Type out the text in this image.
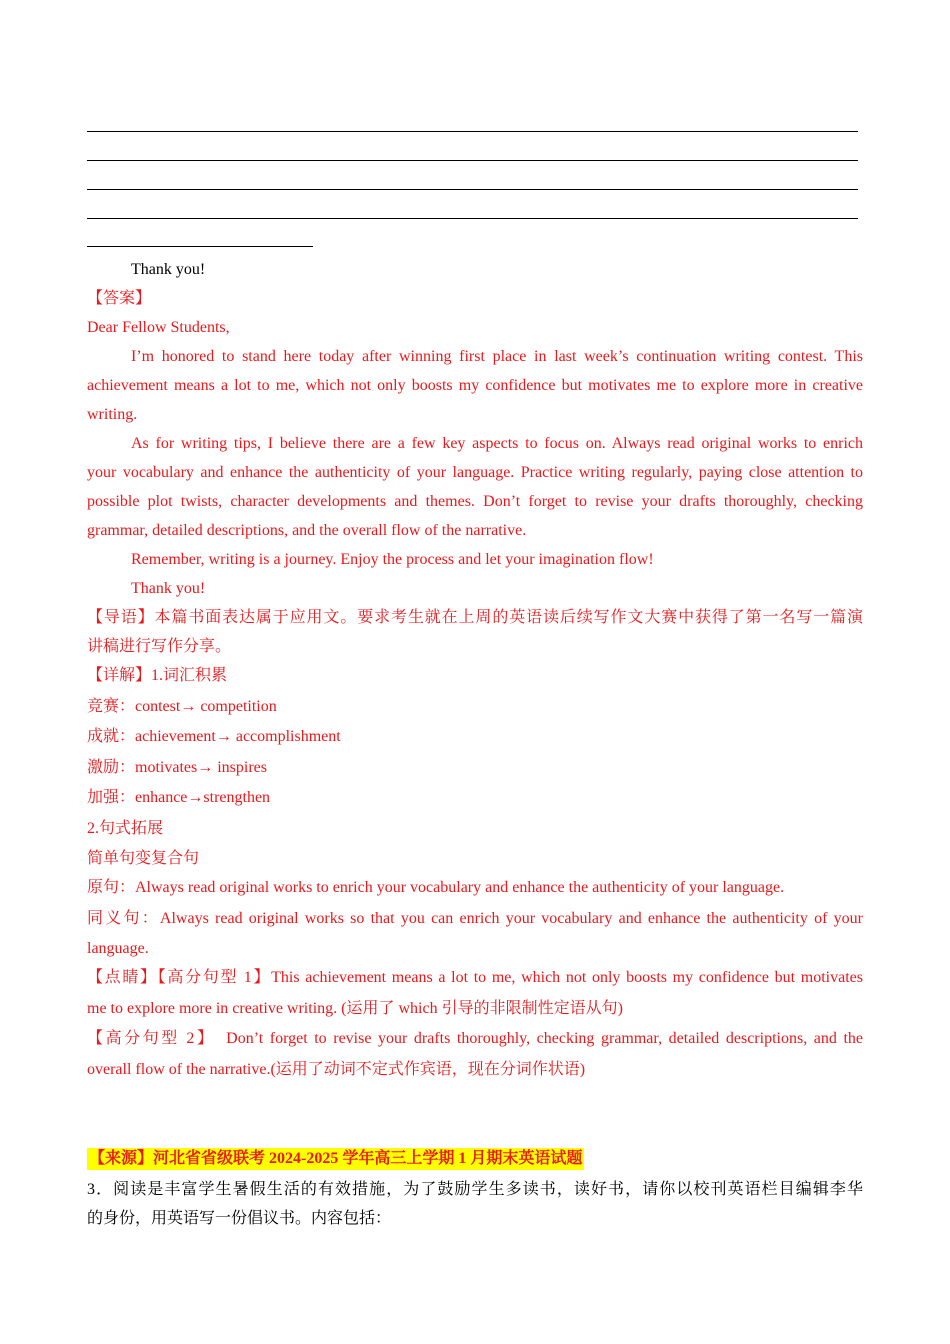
Thank you!
【答案】
Dear Fellow Students,
I’m honored to stand here today after winning first place in last week’s continuation writing contest. This
achievement means a lot to me, which not only boosts my confidence but motivates me to explore more in creative
writing.
As for writing tips, I believe there are a few key aspects to focus on. Always read original works to enrich
your vocabulary and enhance the authenticity of your language. Practice writing regularly, paying close attention to
possible plot twists, character developments and themes. Don’t forget to revise your drafts thoroughly, checking
grammar, detailed descriptions, and the overall flow of the narrative.
Remember, writing is a journey. Enjoy the process and let your imagination flow!
Thank you!
【导语】本篇书面表达属于应用文。要求考生就在上周的英语读后续写作文大赛中获得了第一名写一篇演
讲稿进行写作分享。
【详解】1.词汇积累
竞赛：contest→ competition
成就：achievement→ accomplishment
激励：motivates→ inspires
加强：enhance→strengthen
2.句式拓展
简单句变复合句
原句：Always read original works to enrich your vocabulary and enhance the authenticity of your language.
同义句：Always read original works so that you can enrich your vocabulary and enhance the authenticity of your
language.
【点睛】【高分句型 1】This achievement means a lot to me, which not only boosts my confidence but motivates
me to explore more in creative writing. (运用了 which 引导的非限制性定语从句)
【高分句型 2】　Don’t forget to revise your drafts thoroughly, checking grammar, detailed descriptions, and the
overall flow of the narrative.(运用了动词不定式作宾语，现在分词作状语)
【来源】河北省省级联考 2024-2025 学年高三上学期 1 月期末英语试题
3．阅读是丰富学生暑假生活的有效措施，为了鼓励学生多读书，读好书，请你以校刊英语栏目编辑李华
的身份，用英语写一份倡议书。内容包括：
